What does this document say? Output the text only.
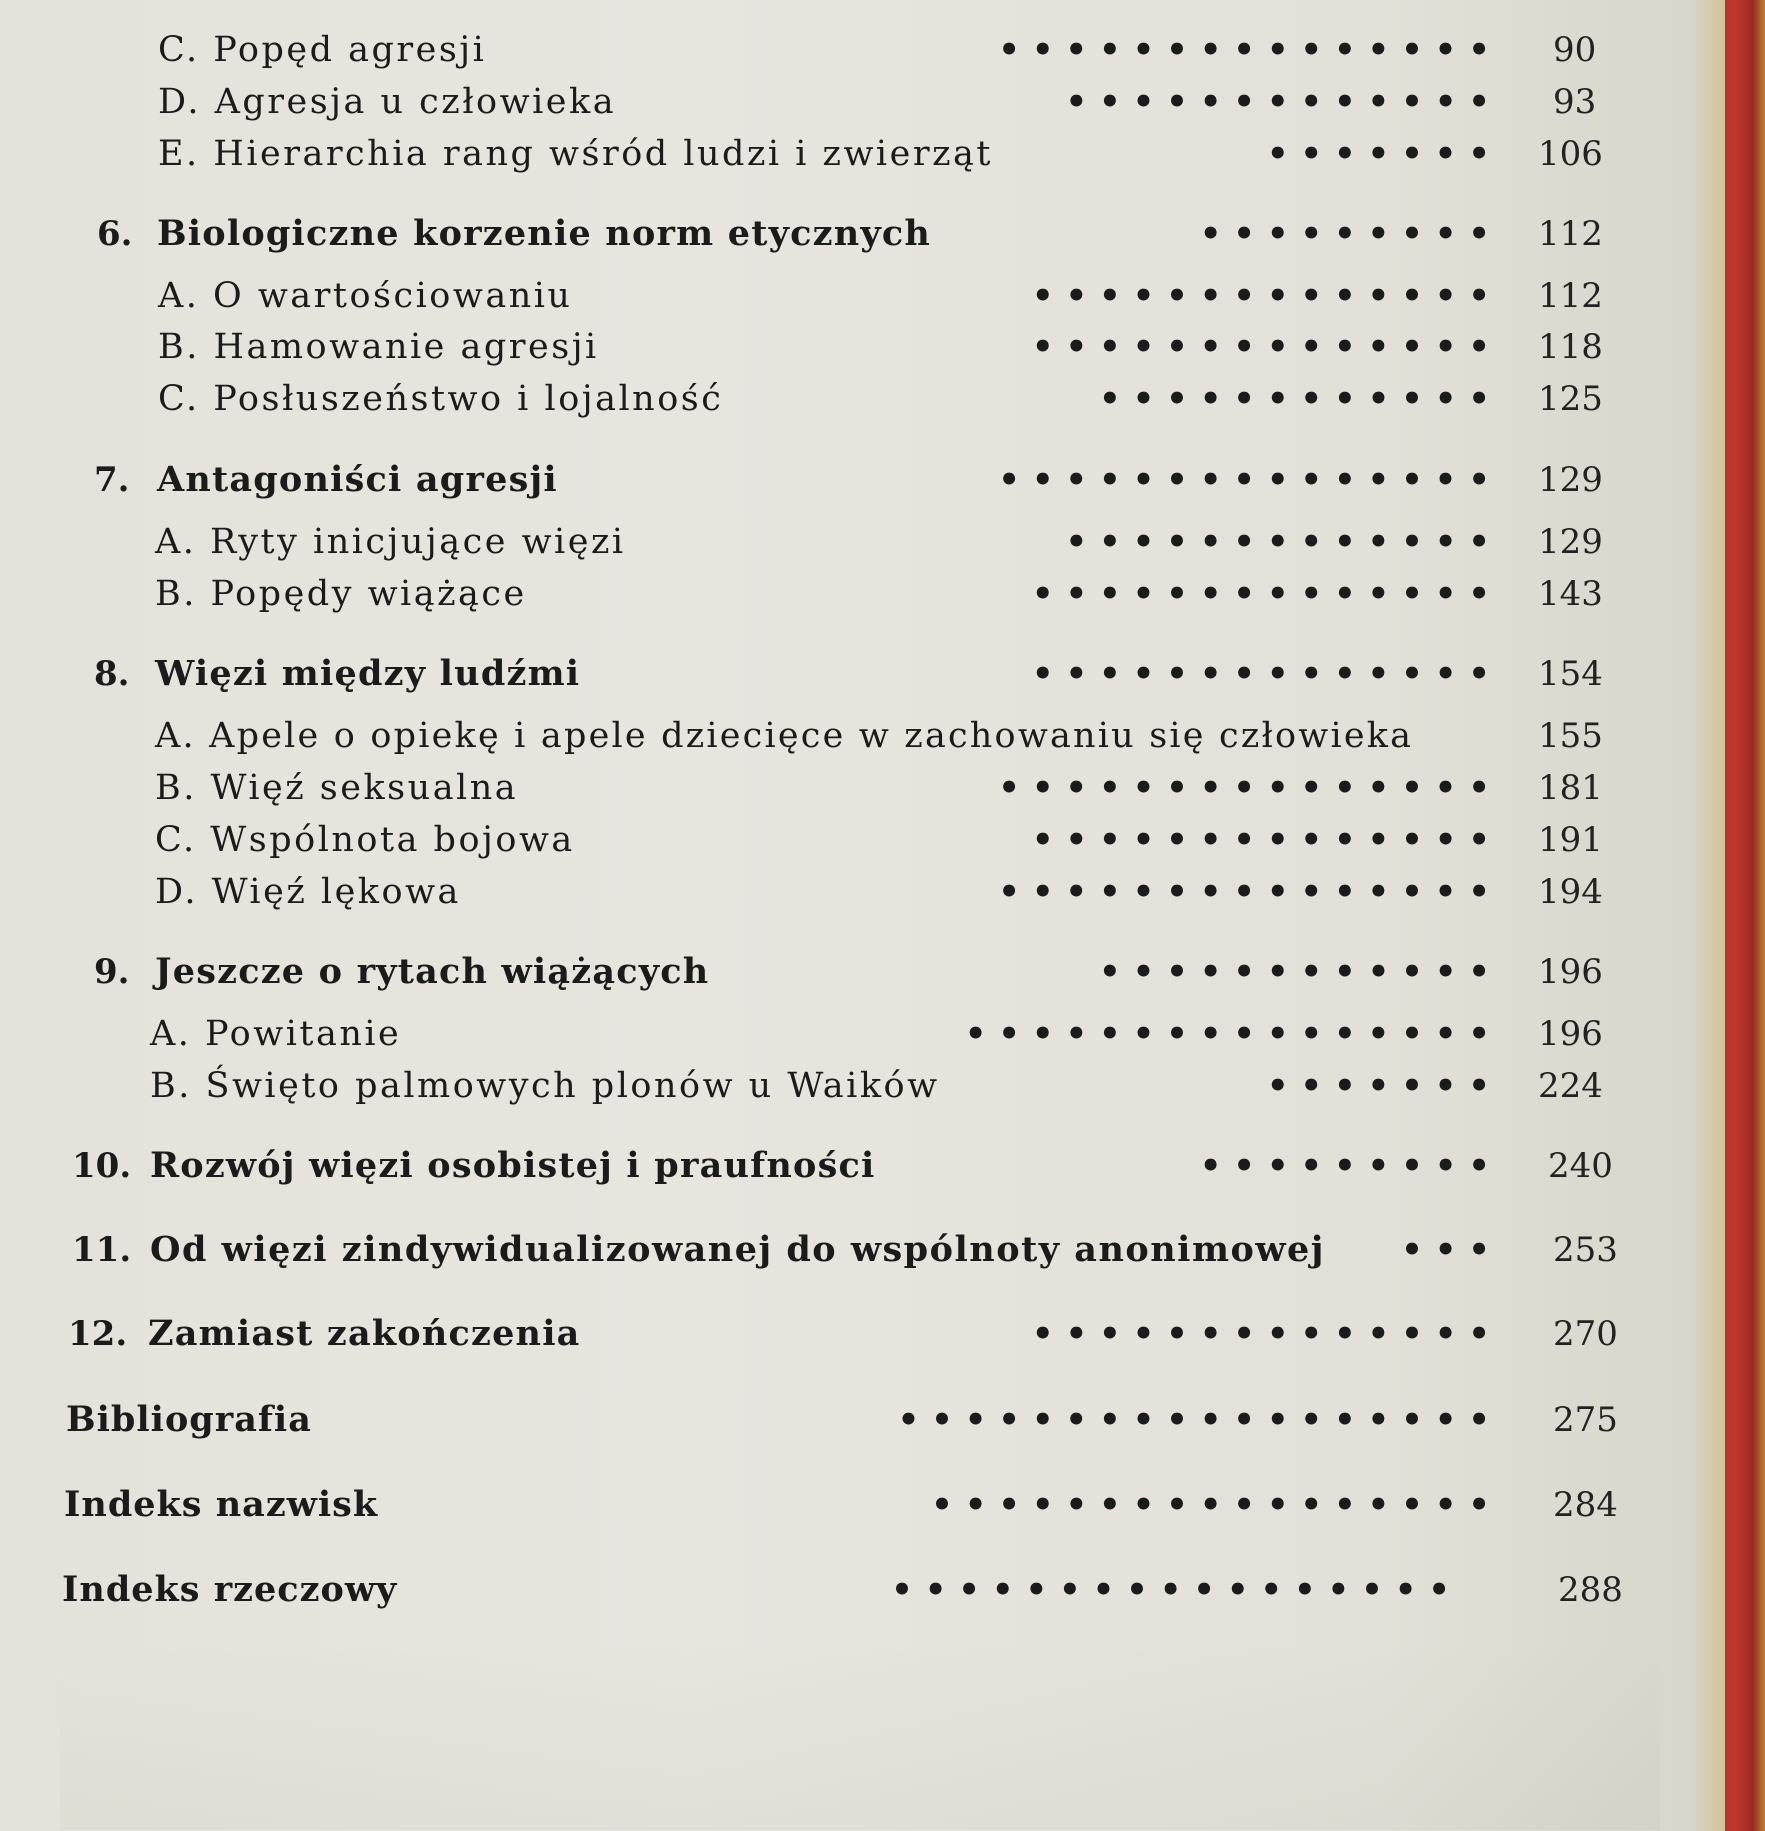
C. Popęd agresji	• • • • • • • • • • • • • • • 90
D. Agresja u człowieka	• • • • • • • • • • • • • 93
E. Hierarchia rang wśród ludzi i zwierząt	• • • • • • • 106
6. Biologiczne korzenie norm etycznych	• • • • • • • • • 112
A. O wartościowaniu	• • • • • • • • • • • • • • 112
B. Hamowanie agresji	• • • • • • • • • • • • • • 118
C. Posłuszeństwo i lojalność	• • • • • • • • • • • • 125
7. Antagoniści agresji	• • • • • • • • • • • • • • • 129
A. Ryty inicjujące więzi	• • • • • • • • • • • • • 129
B. Popędy wiążące	• • • • • • • • • • • • • • 143
8. Więzi między ludźmi	• • • • • • • • • • • • • • 154
A. Apele o opiekę i apele dziecięce w zachowaniu się człowieka	155
B. Więź seksualna	• • • • • • • • • • • • • • • 181
C. Wspólnota bojowa	• • • • • • • • • • • • • • 191
D. Więź lękowa	• • • • • • • • • • • • • • • 194
9. Jeszcze o rytach wiążących	• • • • • • • • • • • • 196
A. Powitanie	• • • • • • • • • • • • • • • • 196
B. Święto palmowych plonów u Waików	• • • • • • • 224
10. Rozwój więzi osobistej i praufności	• • • • • • • • • 240
11. Od więzi zindywidualizowanej do wspólnoty anonimowej	• • • 253
12. Zamiast zakończenia	• • • • • • • • • • • • • • 270
Bibliografia	• • • • • • • • • • • • • • • • • • 275
Indeks nazwisk	• • • • • • • • • • • • • • • • • 284
Indeks rzeczowy	• • • • • • • • • • • • • • • • •	288
